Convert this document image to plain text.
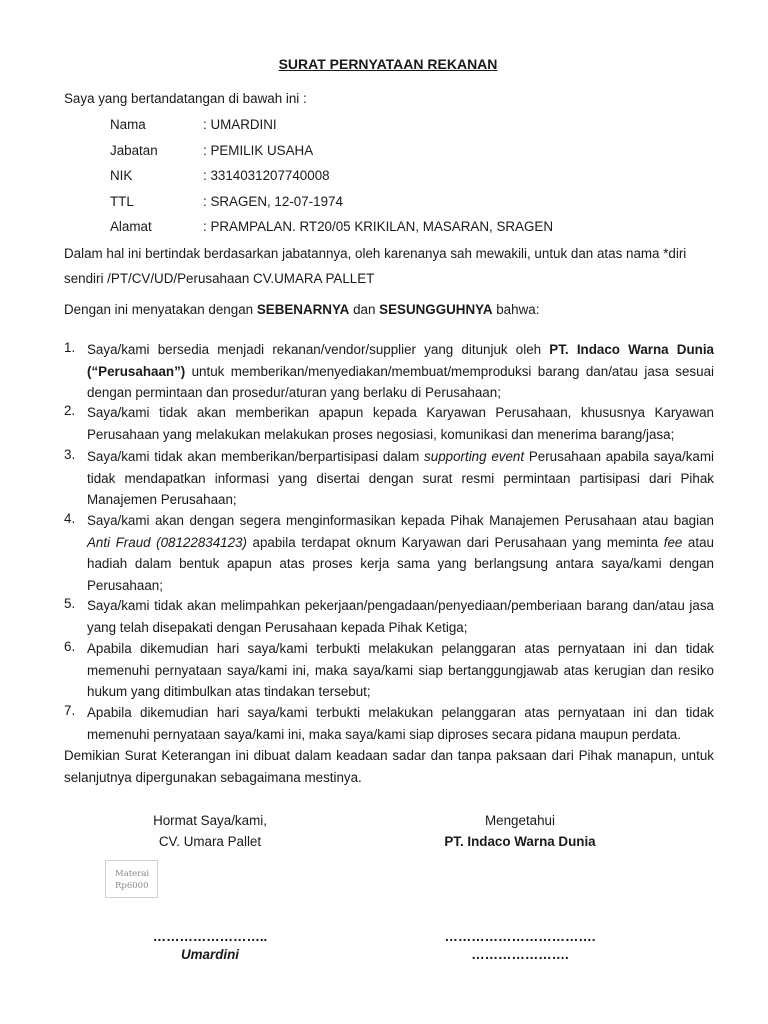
SURAT PERNYATAAN REKANAN
Saya yang bertandatangan di bawah ini :
Nama	: UMARDINI
Jabatan	: PEMILIK USAHA
NIK	: 3314031207740008
TTL	: SRAGEN, 12-07-1974
Alamat	: PRAMPALAN. RT20/05 KRIKILAN, MASARAN, SRAGEN
Dalam hal ini bertindak berdasarkan jabatannya, oleh karenanya sah mewakili, untuk dan atas nama *diri
sendiri /PT/CV/UD/Perusahaan CV.UMARA PALLET
Dengan ini menyatakan dengan SEBENARNYA dan SESUNGGUHNYA bahwa:
1. Saya/kami bersedia menjadi rekanan/vendor/supplier yang ditunjuk oleh PT. Indaco Warna Dunia (“Perusahaan”) untuk memberikan/menyediakan/membuat/memproduksi barang dan/atau jasa sesuai dengan permintaan dan prosedur/aturan yang berlaku di Perusahaan;
2. Saya/kami tidak akan memberikan apapun kepada Karyawan Perusahaan, khususnya Karyawan Perusahaan yang melakukan melakukan proses negosiasi, komunikasi dan menerima barang/jasa;
3. Saya/kami tidak akan memberikan/berpartisipasi dalam supporting event Perusahaan apabila saya/kami tidak mendapatkan informasi yang disertai dengan surat resmi permintaan partisipasi dari Pihak Manajemen Perusahaan;
4. Saya/kami akan dengan segera menginformasikan kepada Pihak Manajemen Perusahaan atau bagian Anti Fraud (08122834123) apabila terdapat oknum Karyawan dari Perusahaan yang meminta fee atau hadiah dalam bentuk apapun atas proses kerja sama yang berlangsung antara saya/kami dengan Perusahaan;
5. Saya/kami tidak akan melimpahkan pekerjaan/pengadaan/penyediaan/pemberiaan barang dan/atau jasa yang telah disepakati dengan Perusahaan kepada Pihak Ketiga;
6. Apabila dikemudian hari saya/kami terbukti melakukan pelanggaran atas pernyataan ini dan tidak memenuhi pernyataan saya/kami ini, maka saya/kami siap bertanggungjawab atas kerugian dan resiko hukum yang ditimbulkan atas tindakan tersebut;
7. Apabila dikemudian hari saya/kami terbukti melakukan pelanggaran atas pernyataan ini dan tidak memenuhi pernyataan saya/kami ini, maka saya/kami siap diproses secara pidana maupun perdata.
Demikian Surat Keterangan ini dibuat dalam keadaan sadar dan tanpa paksaan dari Pihak manapun, untuk selanjutnya dipergunakan sebagaimana mestinya.
Hormat Saya/kami,
CV. Umara Pallet
Mengetahui
PT. Indaco Warna Dunia
Materai
Rp6000
……………………..
Umardini
…………………………….
………………….
